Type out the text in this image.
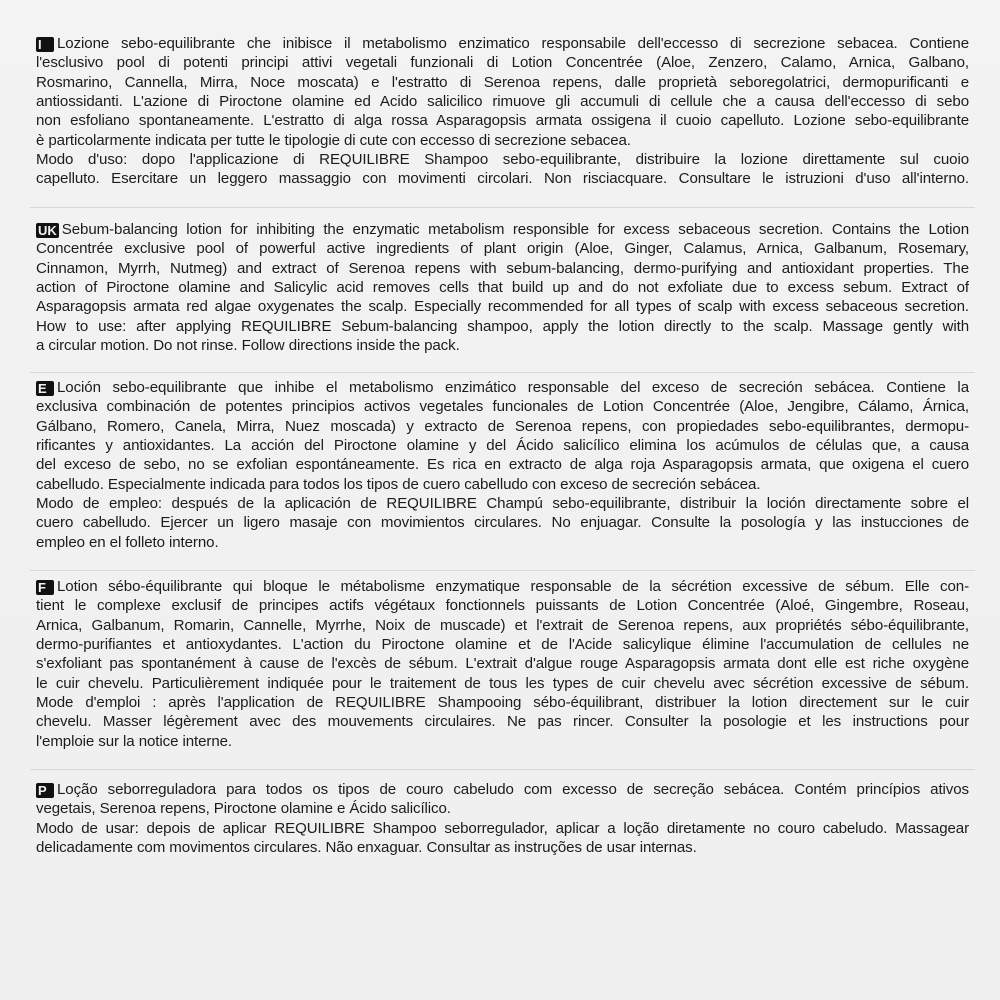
I Lozione sebo-equilibrante che inibisce il metabolismo enzimatico responsabile dell'eccesso di secrezione sebacea. Contiene
l'esclusivo pool di potenti principi attivi vegetali funzionali di Lotion Concentrée (Aloe, Zenzero, Calamo, Arnica, Galbano,
Rosmarino, Cannella, Mirra, Noce moscata) e l'estratto di Serenoa repens, dalle proprietà seboregolatrici, dermopurificanti e
antiossidanti. L'azione di Piroctone olamine ed Acido salicilico rimuove gli accumuli di cellule che a causa dell'eccesso di sebo
non esfoliano spontaneamente. L'estratto di alga rossa Asparagopsis armata ossigena il cuoio capelluto. Lozione sebo-equilibrante
è particolarmente indicata per tutte le tipologie di cute con eccesso di secrezione sebacea.
Modo d'uso: dopo l'applicazione di REQUILIBRE Shampoo sebo-equilibrante, distribuire la lozione direttamente sul cuoio
capelluto. Esercitare un leggero massaggio con movimenti circolari. Non risciacquare. Consultare le istruzioni d'uso all'interno.
UK Sebum-balancing lotion for inhibiting the enzymatic metabolism responsible for excess sebaceous secretion. Contains the Lotion
Concentrée exclusive pool of powerful active ingredients of plant origin (Aloe, Ginger, Calamus, Arnica, Galbanum, Rosemary,
Cinnamon, Myrrh, Nutmeg) and extract of Serenoa repens with sebum-balancing, dermo-purifying and antioxidant properties. The
action of Piroctone olamine and Salicylic acid removes cells that build up and do not exfoliate due to excess sebum. Extract of
Asparagopsis armata red algae oxygenates the scalp. Especially recommended for all types of scalp with excess sebaceous secretion.
How to use: after applying REQUILIBRE Sebum-balancing shampoo, apply the lotion directly to the scalp. Massage gently with
a circular motion. Do not rinse. Follow directions inside the pack.
E Loción sebo-equilibrante que inhibe el metabolismo enzimático responsable del exceso de secreción sebácea. Contiene la
exclusiva combinación de potentes principios activos vegetales funcionales de Lotion Concentrée (Aloe, Jengibre, Cálamo, Árnica,
Gálbano, Romero, Canela, Mirra, Nuez moscada) y extracto de Serenoa repens, con propiedades sebo-equilibrantes, dermopu-
rificantes y antioxidantes. La acción del Piroctone olamine y del Ácido salicílico elimina los acúmulos de células que, a causa
del exceso de sebo, no se exfolian espontáneamente. Es rica en extracto de alga roja Asparagopsis armata, que oxigena el cuero
cabelludo. Especialmente indicada para todos los tipos de cuero cabelludo con exceso de secreción sebácea.
Modo de empleo: después de la aplicación de REQUILIBRE Champú sebo-equilibrante, distribuir la loción directamente sobre el
cuero cabelludo. Ejercer un ligero masaje con movimientos circulares. No enjuagar. Consulte la posología y las instucciones de
empleo en el folleto interno.
F Lotion sébo-équilibrante qui bloque le métabolisme enzymatique responsable de la sécrétion excessive de sébum. Elle con-
tient le complexe exclusif de principes actifs végétaux fonctionnels puissants de Lotion Concentrée (Aloé, Gingembre, Roseau,
Arnica, Galbanum, Romarin, Cannelle, Myrrhe, Noix de muscade) et l'extrait de Serenoa repens, aux propriétés sébo-équilibrante,
dermo-purifiantes et antioxydantes. L'action du Piroctone olamine et de l'Acide salicylique élimine l'accumulation de cellules ne
s'exfoliant pas spontanément à cause de l'excès de sébum. L'extrait d'algue rouge Asparagopsis armata dont elle est riche oxygène
le cuir chevelu. Particulièrement indiquée pour le traitement de tous les types de cuir chevelu avec sécrétion excessive de sébum.
Mode d'emploi : après l'application de REQUILIBRE Shampooing sébo-équilibrant, distribuer la lotion directement sur le cuir
chevelu. Masser légèrement avec des mouvements circulaires. Ne pas rincer. Consulter la posologie et les instructions pour
l'emploie sur la notice interne.
P Loção seborreguladora para todos os tipos de couro cabeludo com excesso de secreção sebácea. Contém princípios ativos
vegetais, Serenoa repens, Piroctone olamine e Ácido salicílico.
Modo de usar: depois de aplicar REQUILIBRE Shampoo seborregulador, aplicar a loção diretamente no couro cabeludo. Massagear
delicadamente com movimentos circulares. Não enxaguar. Consultar as instruções de usar internas.
